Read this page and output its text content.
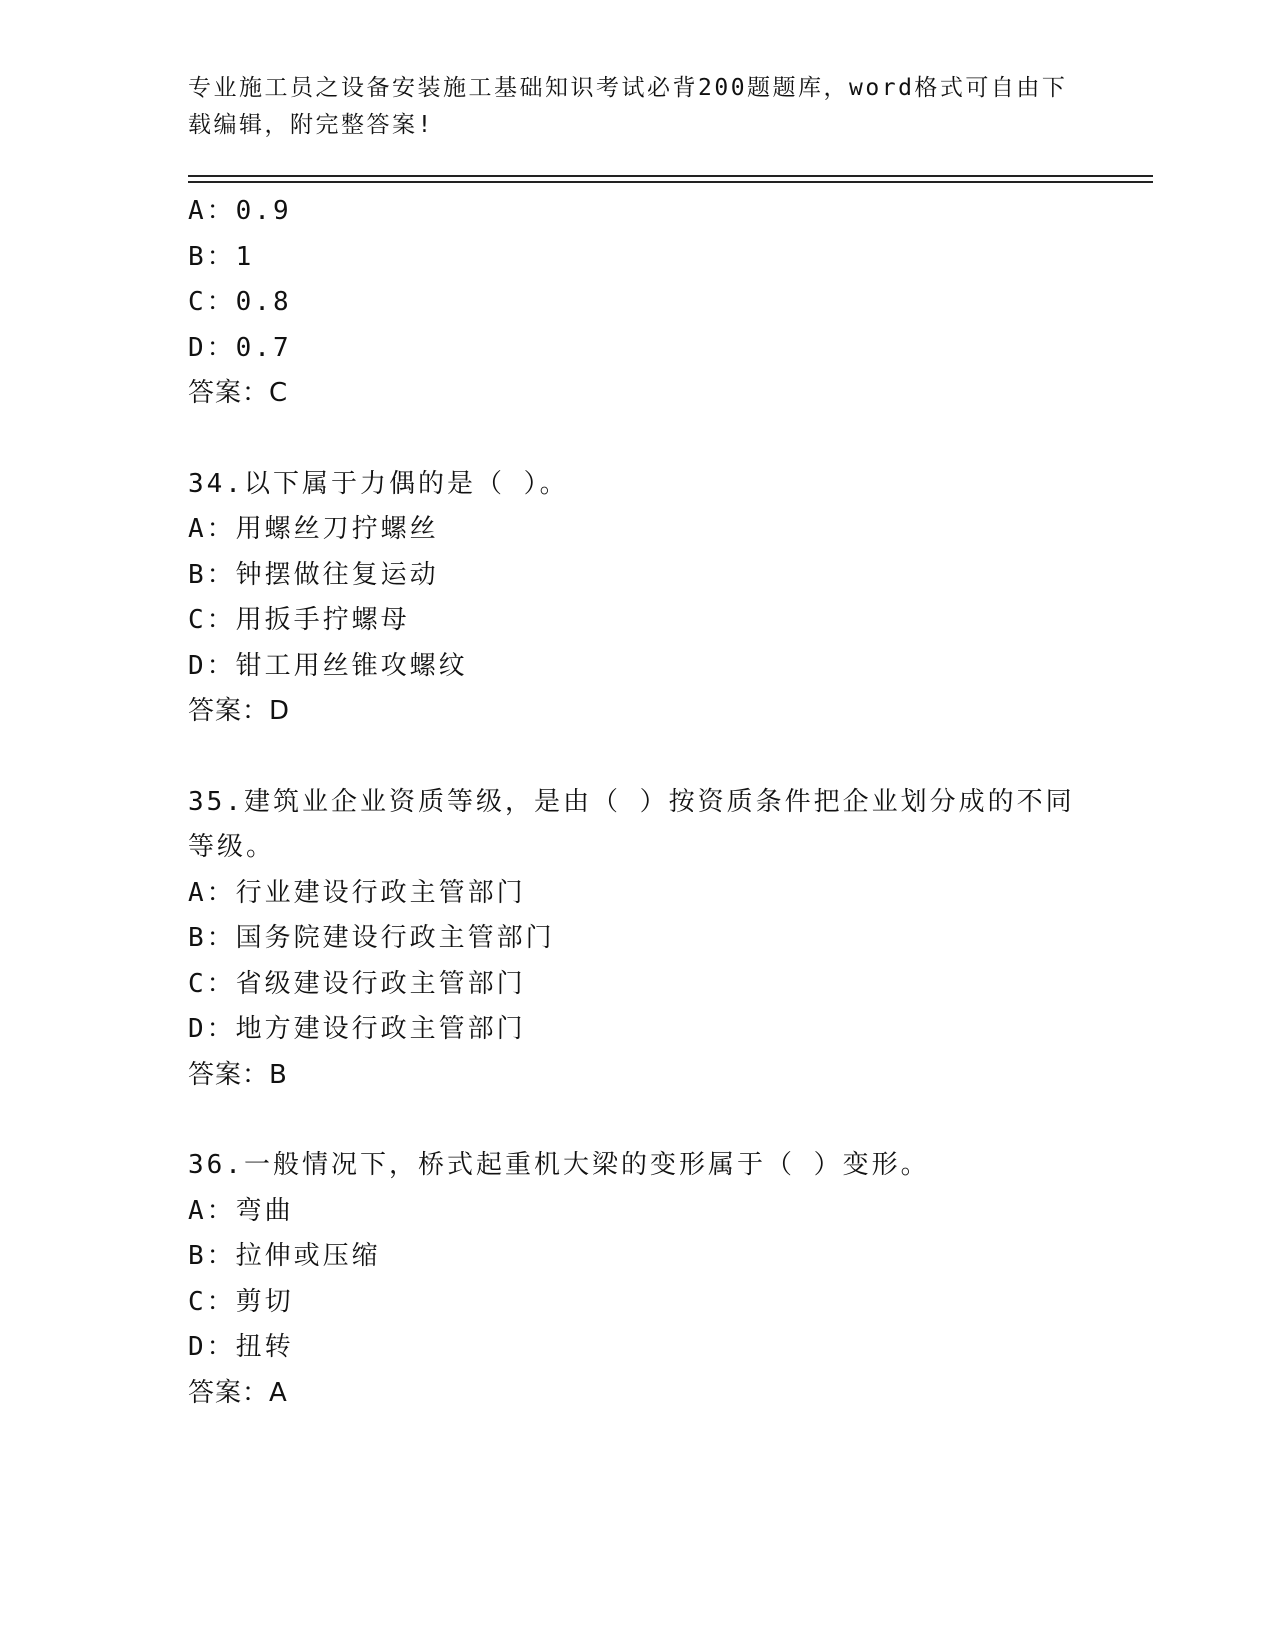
专业施工员之设备安装施工基础知识考试必背200题题库，word格式可自由下载编辑，附完整答案!
A：0.9
B：1
C：0.8
D：0.7
答案：C
34.以下属于力偶的是（ ）。
A：用螺丝刀拧螺丝
B：钟摆做往复运动
C：用扳手拧螺母
D：钳工用丝锥攻螺纹
答案：D
35.建筑业企业资质等级，是由（ ）按资质条件把企业划分成的不同等级。
A：行业建设行政主管部门
B：国务院建设行政主管部门
C：省级建设行政主管部门
D：地方建设行政主管部门
答案：B
36.一般情况下，桥式起重机大梁的变形属于（ ）变形。
A：弯曲
B：拉伸或压缩
C：剪切
D：扭转
答案：A
